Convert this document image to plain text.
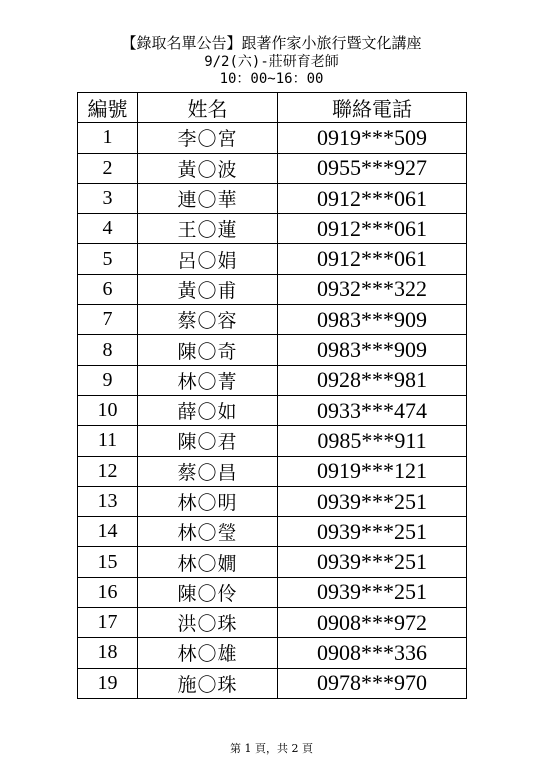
【錄取名單公告】跟著作家小旅行暨文化講座
9/2(六)-莊研育老師
10：00~16：00
編號	姓名	聯絡電話
1	李〇宮	0919***509
2	黃〇波	0955***927
3	連〇華	0912***061
4	王〇蓮	0912***061
5	呂〇娟	0912***061
6	黃〇甫	0932***322
7	蔡〇容	0983***909
8	陳〇奇	0983***909
9	林〇菁	0928***981
10	薛〇如	0933***474
11	陳〇君	0985***911
12	蔡〇昌	0919***121
13	林〇明	0939***251
14	林〇瑩	0939***251
15	林〇嫺	0939***251
16	陳〇伶	0939***251
17	洪〇珠	0908***972
18	林〇雄	0908***336
19	施〇珠	0978***970
第 1 頁，共 2 頁
